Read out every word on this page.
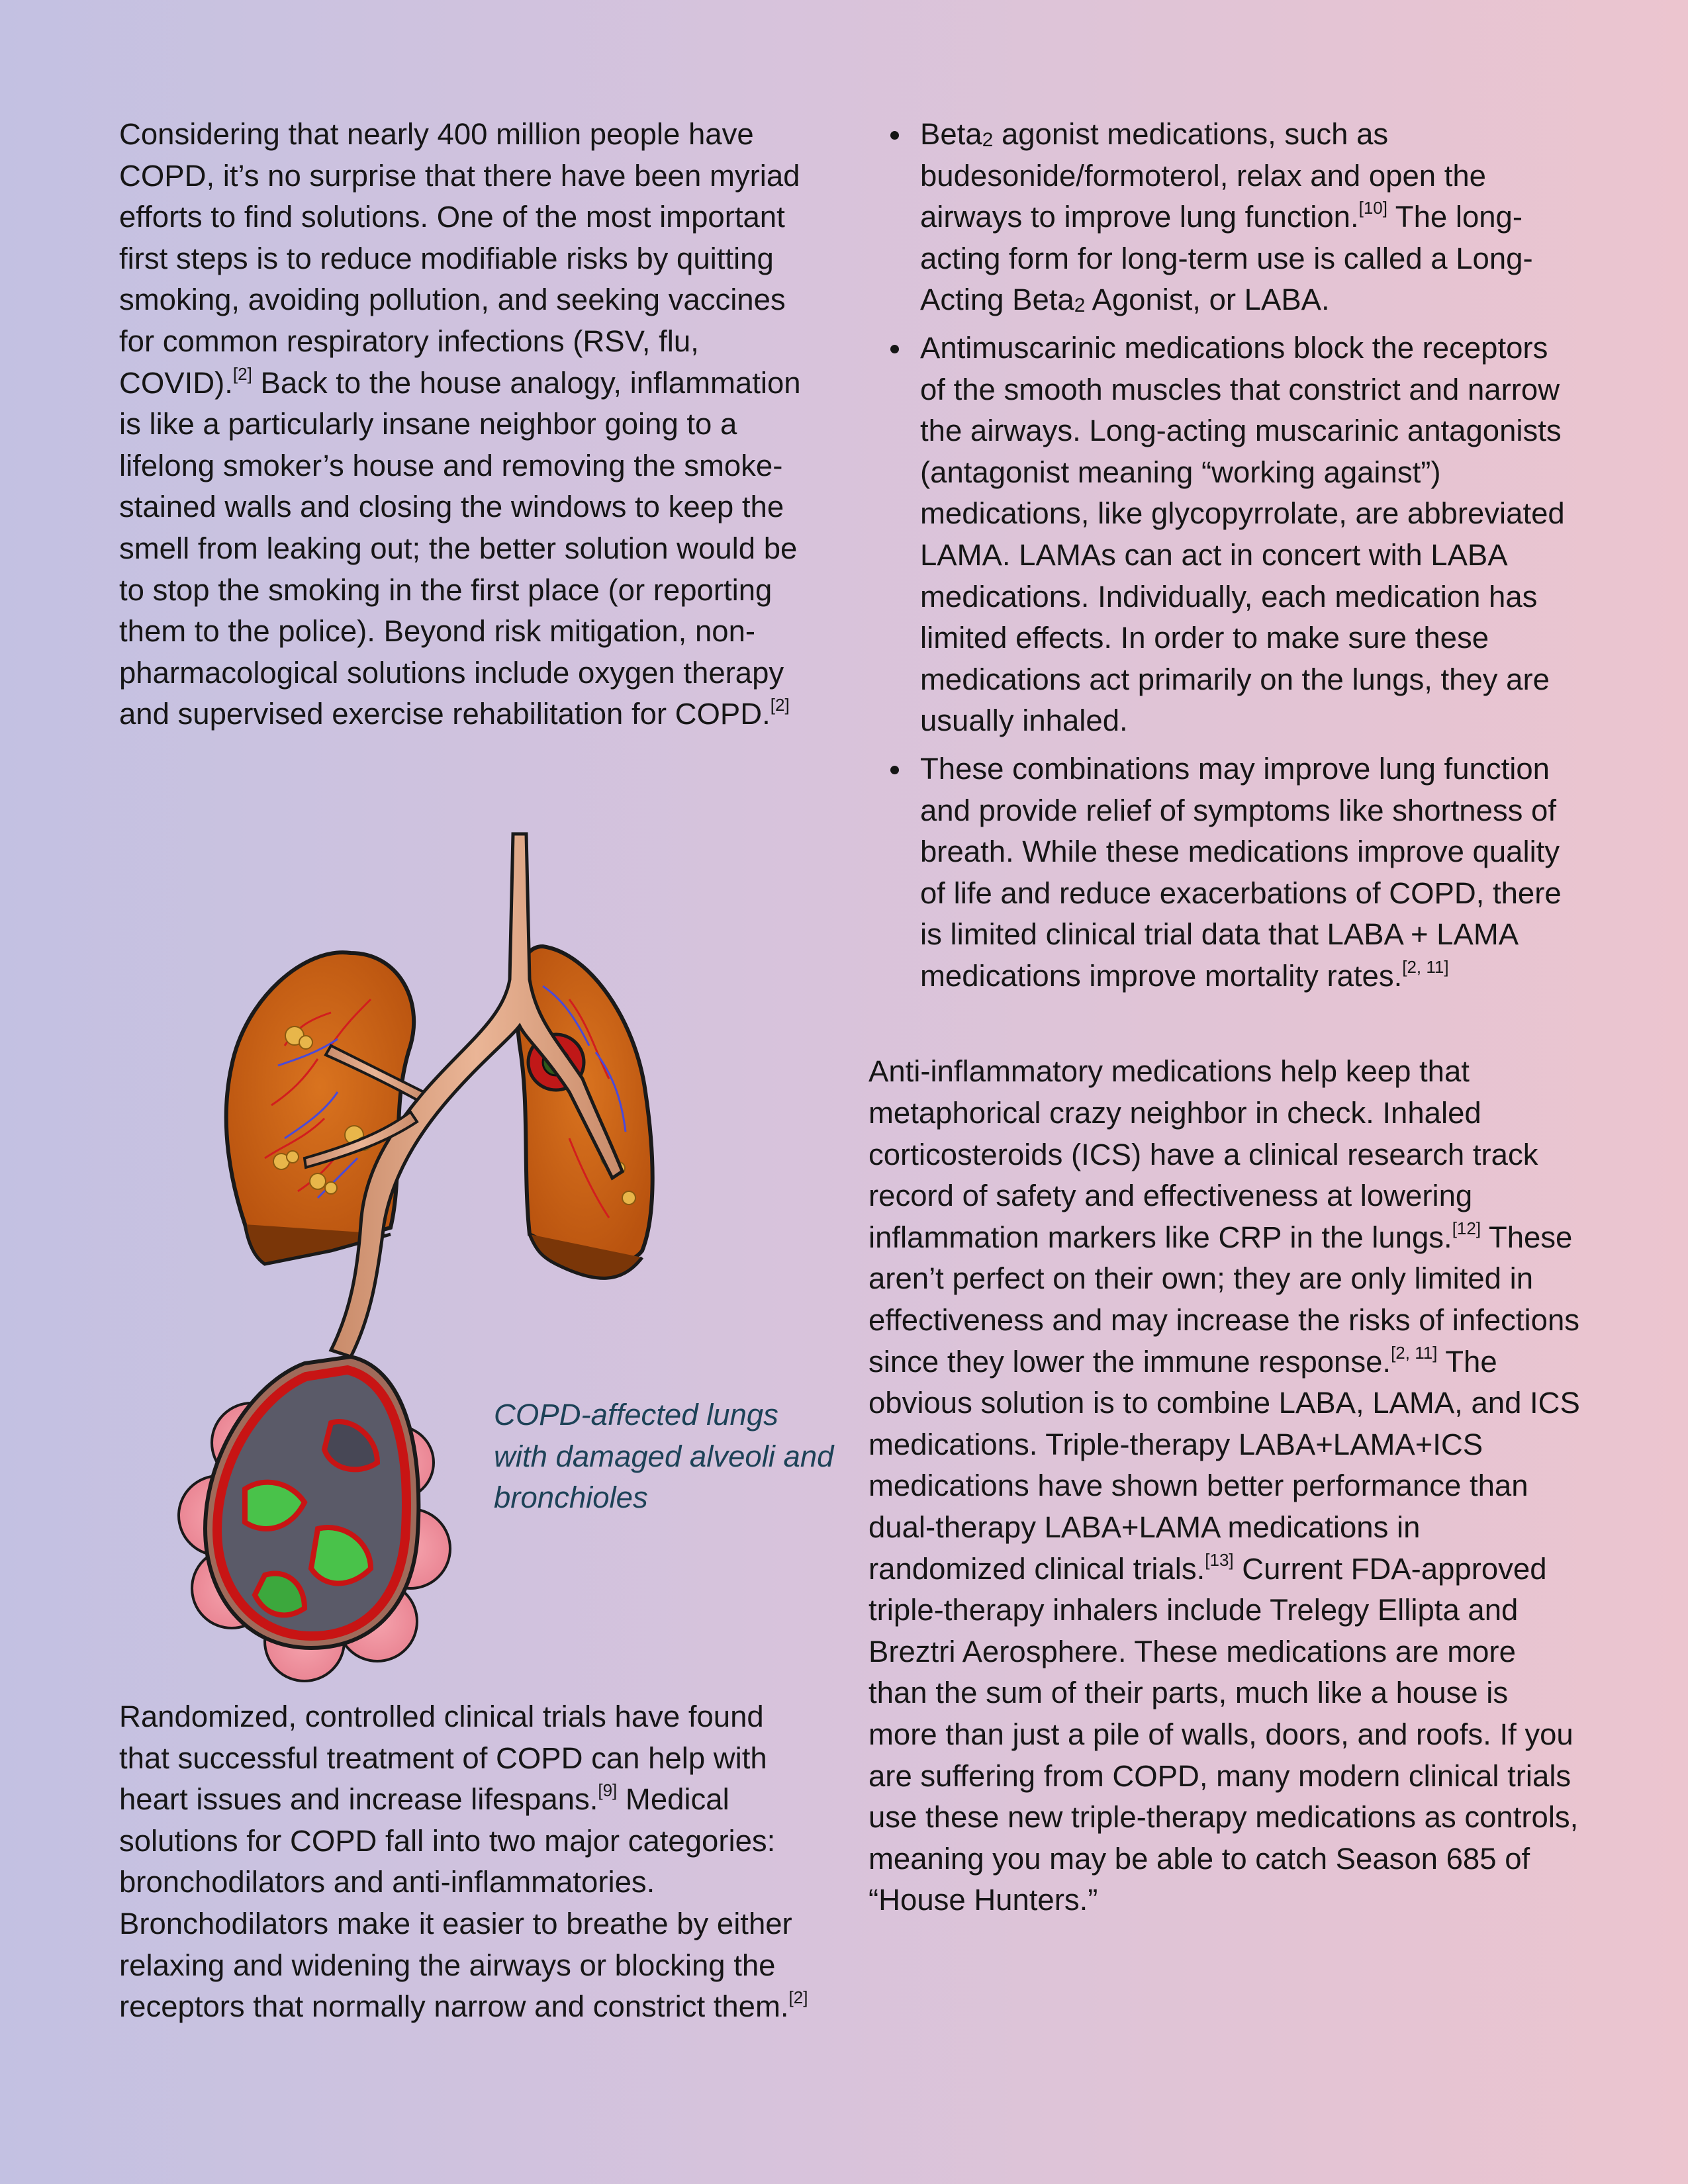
Considering that nearly 400 million people have COPD, it’s no surprise that there have been myriad efforts to find solutions. One of the most important first steps is to reduce modifiable risks by quitting smoking, avoiding pollution, and seeking vaccines for common respiratory infections (RSV, flu, COVID).[2] Back to the house analogy, inflammation is like a particularly insane neighbor going to a lifelong smoker’s house and removing the smoke-stained walls and closing the windows to keep the smell from leaking out; the better solution would be to stop the smoking in the first place (or reporting them to the police). Beyond risk mitigation, non-pharmacological solutions include oxygen therapy and supervised exercise rehabilitation for COPD.[2]

COPD-affected lungs with damaged alveoli and bronchioles

Randomized, controlled clinical trials have found that successful treatment of COPD can help with heart issues and increase lifespans.[9] Medical solutions for COPD fall into two major categories: bronchodilators and anti-inflammatories. Bronchodilators make it easier to breathe by either relaxing and widening the airways or blocking the receptors that normally narrow and constrict them.[2]

Beta$_2$ agonist medications, such as budesonide/formoterol, relax and open the airways to improve lung function.[10] The long-acting form for long-term use is called a Long-Acting Beta$_2$ Agonist, or LABA.
Antimuscarinic medications block the receptors of the smooth muscles that constrict and narrow the airways. Long-acting muscarinic antagonists (antagonist meaning “working against”) medications, like glycopyrrolate, are abbreviated LAMA. LAMAs can act in concert with LABA medications. Individually, each medication has limited effects. In order to make sure these medications act primarily on the lungs, they are usually inhaled.
These combinations may improve lung function and provide relief of symptoms like shortness of breath. While these medications improve quality of life and reduce exacerbations of COPD, there is limited clinical trial data that LABA + LAMA medications improve mortality rates.[2, 11]

Anti-inflammatory medications help keep that metaphorical crazy neighbor in check. Inhaled corticosteroids (ICS) have a clinical research track record of safety and effectiveness at lowering inflammation markers like CRP in the lungs.[12] These aren’t perfect on their own; they are only limited in effectiveness and may increase the risks of infections since they lower the immune response.[2, 11] The obvious solution is to combine LABA, LAMA, and ICS medications. Triple-therapy LABA+LAMA+ICS medications have shown better performance than dual-therapy LABA+LAMA medications in randomized clinical trials.[13] Current FDA-approved triple-therapy inhalers include Trelegy Ellipta and Breztri Aerosphere. These medications are more than the sum of their parts, much like a house is more than just a pile of walls, doors, and roofs. If you are suffering from COPD, many modern clinical trials use these new triple-therapy medications as controls, meaning you may be able to catch Season 685 of “House Hunters.”
